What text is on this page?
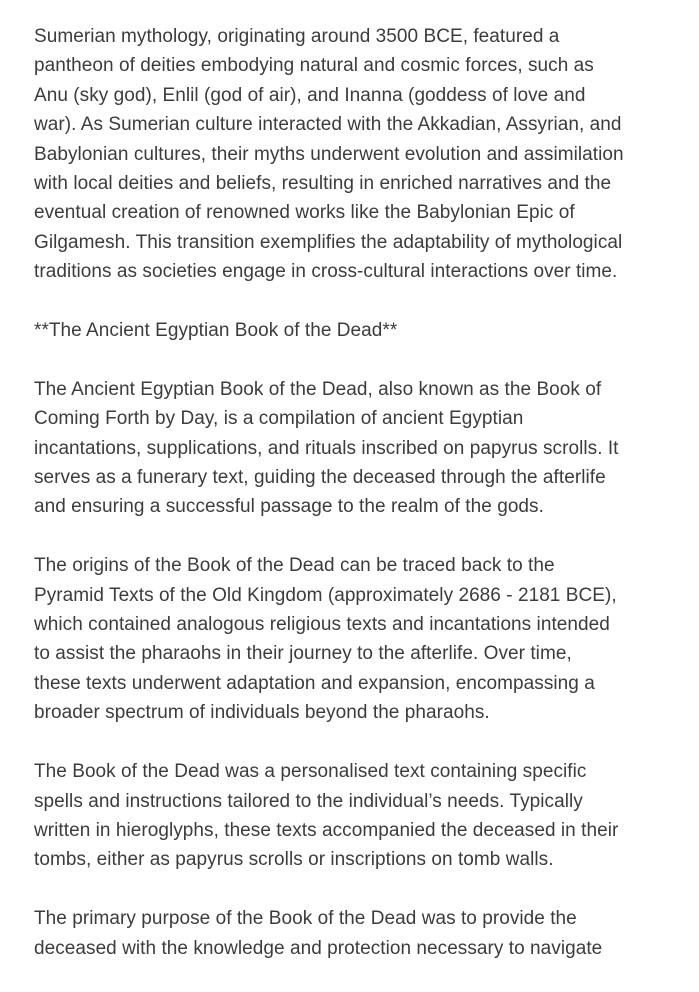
Sumerian mythology, originating around 3500 BCE, featured a
pantheon of deities embodying natural and cosmic forces, such as
Anu (sky god), Enlil (god of air), and Inanna (goddess of love and
war). As Sumerian culture interacted with the Akkadian, Assyrian, and
Babylonian cultures, their myths underwent evolution and assimilation
with local deities and beliefs, resulting in enriched narratives and the
eventual creation of renowned works like the Babylonian Epic of
Gilgamesh. This transition exemplifies the adaptability of mythological
traditions as societies engage in cross-cultural interactions over time.

**The Ancient Egyptian Book of the Dead**

The Ancient Egyptian Book of the Dead, also known as the Book of
Coming Forth by Day, is a compilation of ancient Egyptian
incantations, supplications, and rituals inscribed on papyrus scrolls. It
serves as a funerary text, guiding the deceased through the afterlife
and ensuring a successful passage to the realm of the gods.

The origins of the Book of the Dead can be traced back to the
Pyramid Texts of the Old Kingdom (approximately 2686 - 2181 BCE),
which contained analogous religious texts and incantations intended
to assist the pharaohs in their journey to the afterlife. Over time,
these texts underwent adaptation and expansion, encompassing a
broader spectrum of individuals beyond the pharaohs.

The Book of the Dead was a personalised text containing specific
spells and instructions tailored to the individual’s needs. Typically
written in hieroglyphs, these texts accompanied the deceased in their
tombs, either as papyrus scrolls or inscriptions on tomb walls.

The primary purpose of the Book of the Dead was to provide the
deceased with the knowledge and protection necessary to navigate
